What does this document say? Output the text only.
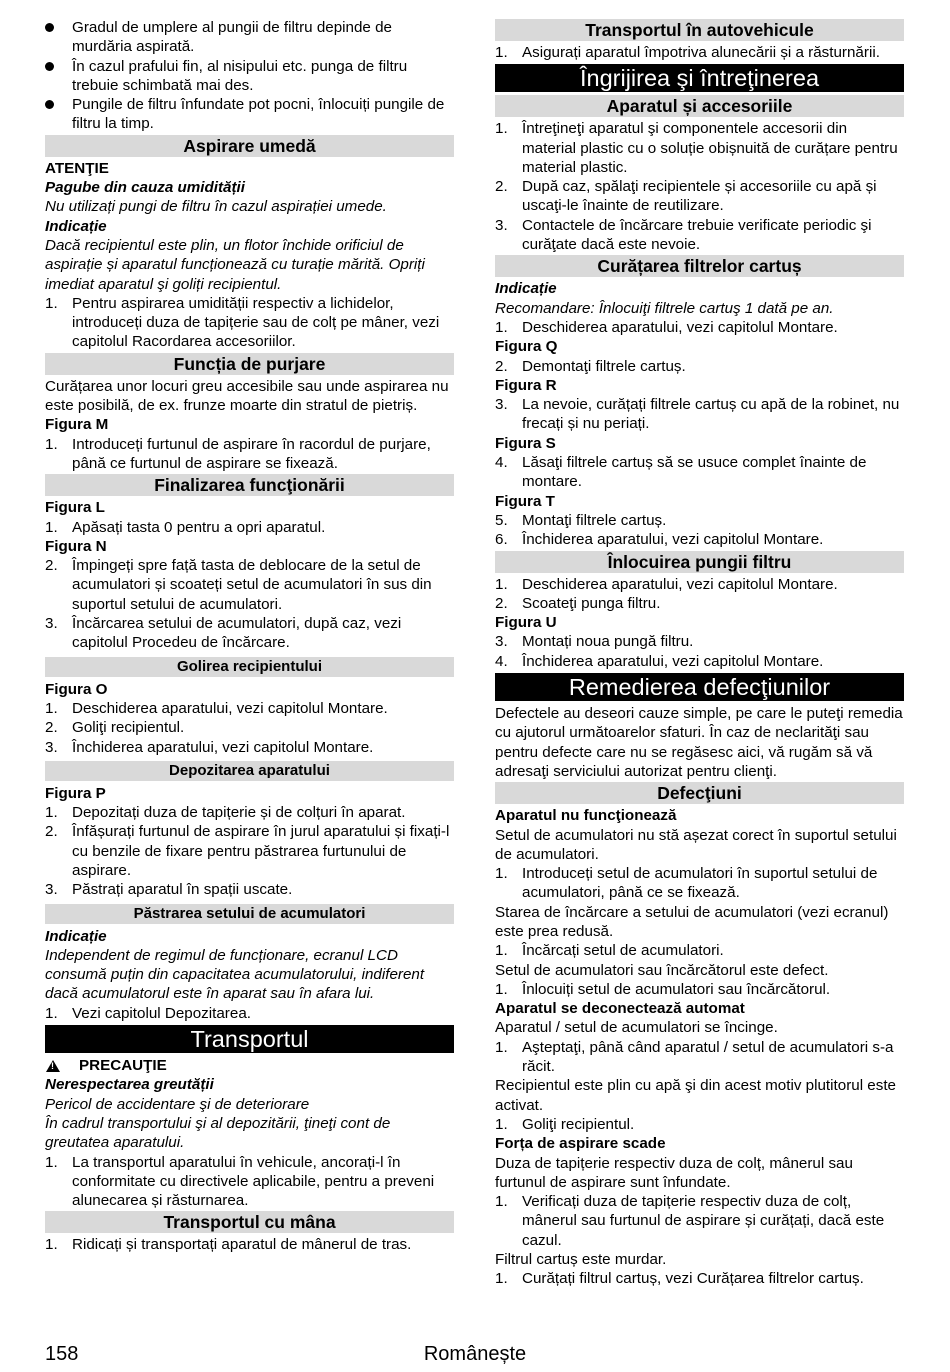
Gradul de umplere al pungii de filtru depinde de murdăria aspirată.
În cazul prafului fin, al nisipului etc. punga de filtru trebuie schimbată mai des.
Pungile de filtru înfundate pot pocni, înlocuiți pungile de filtru la timp.
Aspirare umedă

ATENŢIE

Pagube din cauza umidității

Nu utilizați pungi de filtru în cazul aspirației umede.

Indicație

Dacă recipientul este plin, un flotor închide orificiul de aspirație și aparatul funcționează cu turație mărită. Opriți imediat aparatul şi goliți recipientul.

1. Pentru aspirarea umidității respectiv a lichidelor, introduceți duza de tapițerie sau de colț pe mâner, vezi capitolul Racordarea accesoriilor.
Funcția de purjare

Curățarea unor locuri greu accesibile sau unde aspirarea nu este posibilă, de ex. frunze moarte din stratul de pietriș.

Figura M

1. Introduceți furtunul de aspirare în racordul de purjare, până ce furtunul de aspirare se fixează.
Finalizarea funcţionării

Figura L

1. Apăsați tasta 0 pentru a opri aparatul.

Figura N

2. Împingeți spre față tasta de deblocare de la setul de acumulatori și scoateți setul de acumulatori în sus din suportul setului de acumulatori.
3. Încărcarea setului de acumulatori, după caz, vezi capitolul Procedeu de încărcare.
Golirea recipientului

Figura O

1. Deschiderea aparatului, vezi capitolul Montare.
2. Goliţi recipientul.
3. Închiderea aparatului, vezi capitolul Montare.
Depozitarea aparatului

Figura P

1. Depozitați duza de tapițerie și de colțuri în aparat.
2. Înfășurați furtunul de aspirare în jurul aparatului și fixați-l cu benzile de fixare pentru păstrarea furtunului de aspirare.
3. Păstrați aparatul în spații uscate.
Păstrarea setului de acumulatori

Indicație

Independent de regimul de funcționare, ecranul LCD consumă puțin din capacitatea acumulatorului, indiferent dacă acumulatorul este în aparat sau în afara lui.

1. Vezi capitolul Depozitarea.
Transportul
!
PRECAUŢIE

Nerespectarea greutății

Pericol de accidentare şi de deteriorare

În cadrul transportului şi al depozitării, ţineţi cont de greutatea aparatului.

1. La transportul aparatului în vehicule, ancorați-l în conformitate cu directivele aplicabile, pentru a preveni alunecarea și răsturnarea.
Transportul cu mâna
1. Ridicați și transportați aparatul de mânerul de tras.
Transportul în autovehicule
1. Asigurați aparatul împotriva alunecării și a răsturnării.
Îngrijirea şi întreţinerea
Aparatul și accesoriile
1. Întreţineţi aparatul şi componentele accesorii din material plastic cu o soluție obișnuită de curățare pentru material plastic.
2. După caz, spălaţi recipientele și accesoriile cu apă și uscaţi-le înainte de reutilizare.
3. Contactele de încărcare trebuie verificate periodic şi curăţate dacă este nevoie.
Curățarea filtrelor cartuș

Indicație

Recomandare: Înlocuiţi filtrele cartuş 1 dată pe an.

1. Deschiderea aparatului, vezi capitolul Montare.

Figura Q

2. Demontaţi filtrele cartuș.

Figura R

3. La nevoie, curățați filtrele cartuș cu apă de la robinet, nu frecați și nu periați.

Figura S

4. Lăsaţi filtrele cartuș să se usuce complet înainte de montare.

Figura T

5. Montaţi filtrele cartuș.
6. Închiderea aparatului, vezi capitolul Montare.
Înlocuirea pungii filtru
1. Deschiderea aparatului, vezi capitolul Montare.
2. Scoateţi punga filtru.

Figura U

3. Montați noua pungă filtru.
4. Închiderea aparatului, vezi capitolul Montare.
Remedierea defecţiunilor

Defectele au deseori cauze simple, pe care le puteţi remedia cu ajutorul următoarelor sfaturi. În caz de neclarităţi sau pentru defecte care nu se regăsesc aici, vă rugăm să vă adresaţi serviciului autorizat pentru clienţi.

Defecţiuni

Aparatul nu funcţionează

Setul de acumulatori nu stă așezat corect în suportul setului de acumulatori.

1. Introduceți setul de acumulatori în suportul setului de acumulatori, până ce se fixează.

Starea de încărcare a setului de acumulatori (vezi ecranul) este prea redusă.

1. Încărcați setul de acumulatori.

Setul de acumulatori sau încărcătorul este defect.

1. Înlocuiți setul de acumulatori sau încărcătorul.

Aparatul se deconectează automat

Aparatul / setul de acumulatori se încinge.

1. Aşteptaţi, până când aparatul / setul de acumulatori s-a răcit.

Recipientul este plin cu apă şi din acest motiv plutitorul este activat.

1. Goliţi recipientul.

Forța de aspirare scade

Duza de tapițerie respectiv duza de colț, mânerul sau furtunul de aspirare sunt înfundate.

1. Verificați duza de tapițerie respectiv duza de colț, mânerul sau furtunul de aspirare și curățați, dacă este cazul.

Filtrul cartuș este murdar.

1. Curățați filtrul cartuș, vezi Curățarea filtrelor cartuș.
Românește
158
